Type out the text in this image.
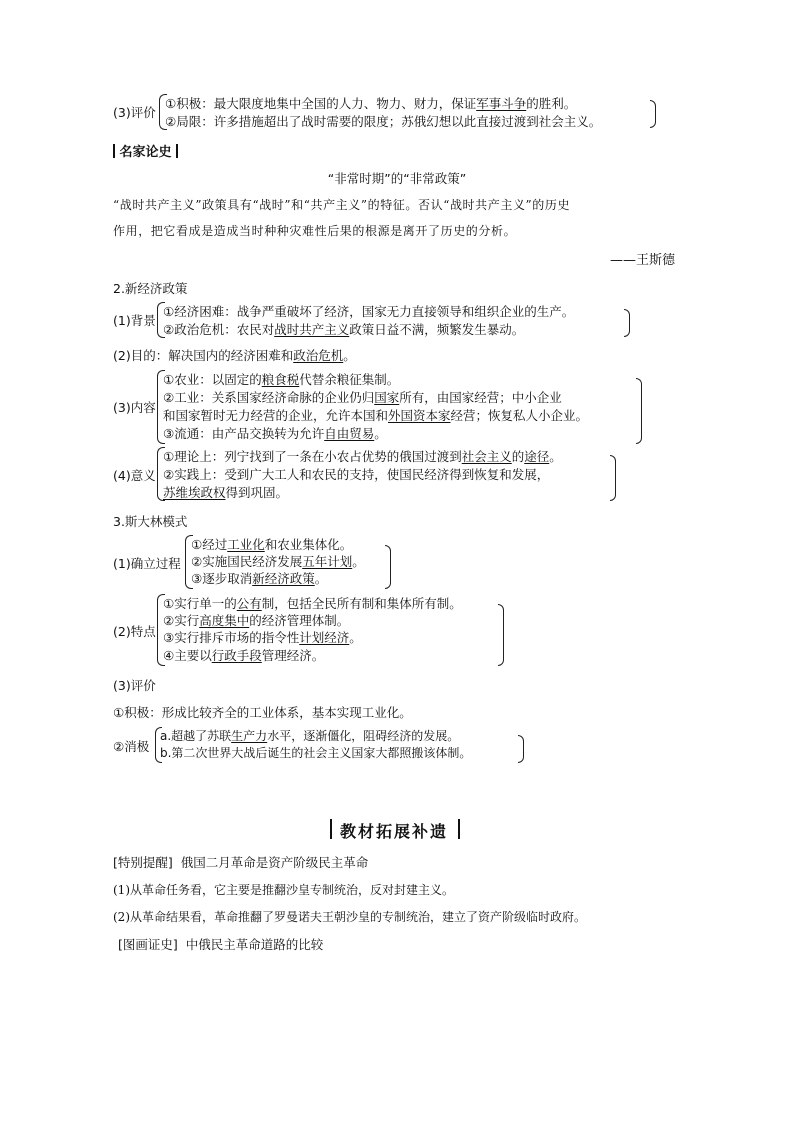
(3)评价
①积极：最大限度地集中全国的人力、物力、财力，保证军事斗争的胜利。
②局限：许多措施超出了战时需要的限度；苏俄幻想以此直接过渡到社会主义。
名家论史
“非常时期”的“非常政策”
“战时共产主义”政策具有“战时”和“共产主义”的特征。否认“战时共产主义”的历史
作用，把它看成是造成当时种种灾难性后果的根源是离开了历史的分析。
——王斯德
2.新经济政策
(1)背景
①经济困难：战争严重破坏了经济，国家无力直接领导和组织企业的生产。
②政治危机：农民对战时共产主义政策日益不满，频繁发生暴动。
(2)目的：解决国内的经济困难和政治危机。
(3)内容
①农业：以固定的粮食税代替余粮征集制。
②工业：关系国家经济命脉的企业仍归国家所有，由国家经营；中小企业
和国家暂时无力经营的企业，允许本国和外国资本家经营；恢复私人小企业。
③流通：由产品交换转为允许自由贸易。
(4)意义
①理论上：列宁找到了一条在小农占优势的俄国过渡到社会主义的途径。
②实践上：受到广大工人和农民的支持，使国民经济得到恢复和发展，
苏维埃政权得到巩固。
3.斯大林模式
(1)确立过程
①经过工业化和农业集体化。
②实施国民经济发展五年计划。
③逐步取消新经济政策。
(2)特点
①实行单一的公有制，包括全民所有制和集体所有制。
②实行高度集中的经济管理体制。
③实行排斥市场的指令性计划经济。
④主要以行政手段管理经济。
(3)评价
①积极：形成比较齐全的工业体系，基本实现工业化。
②消极
a.超越了苏联生产力水平，逐渐僵化，阻碍经济的发展。
b.第二次世界大战后诞生的社会主义国家大都照搬该体制。
教材拓展补遗
[特别提醒] 俄国二月革命是资产阶级民主革命
(1)从革命任务看，它主要是推翻沙皇专制统治，反对封建主义。
(2)从革命结果看，革命推翻了罗曼诺夫王朝沙皇的专制统治，建立了资产阶级临时政府。
[图画证史] 中俄民主革命道路的比较
